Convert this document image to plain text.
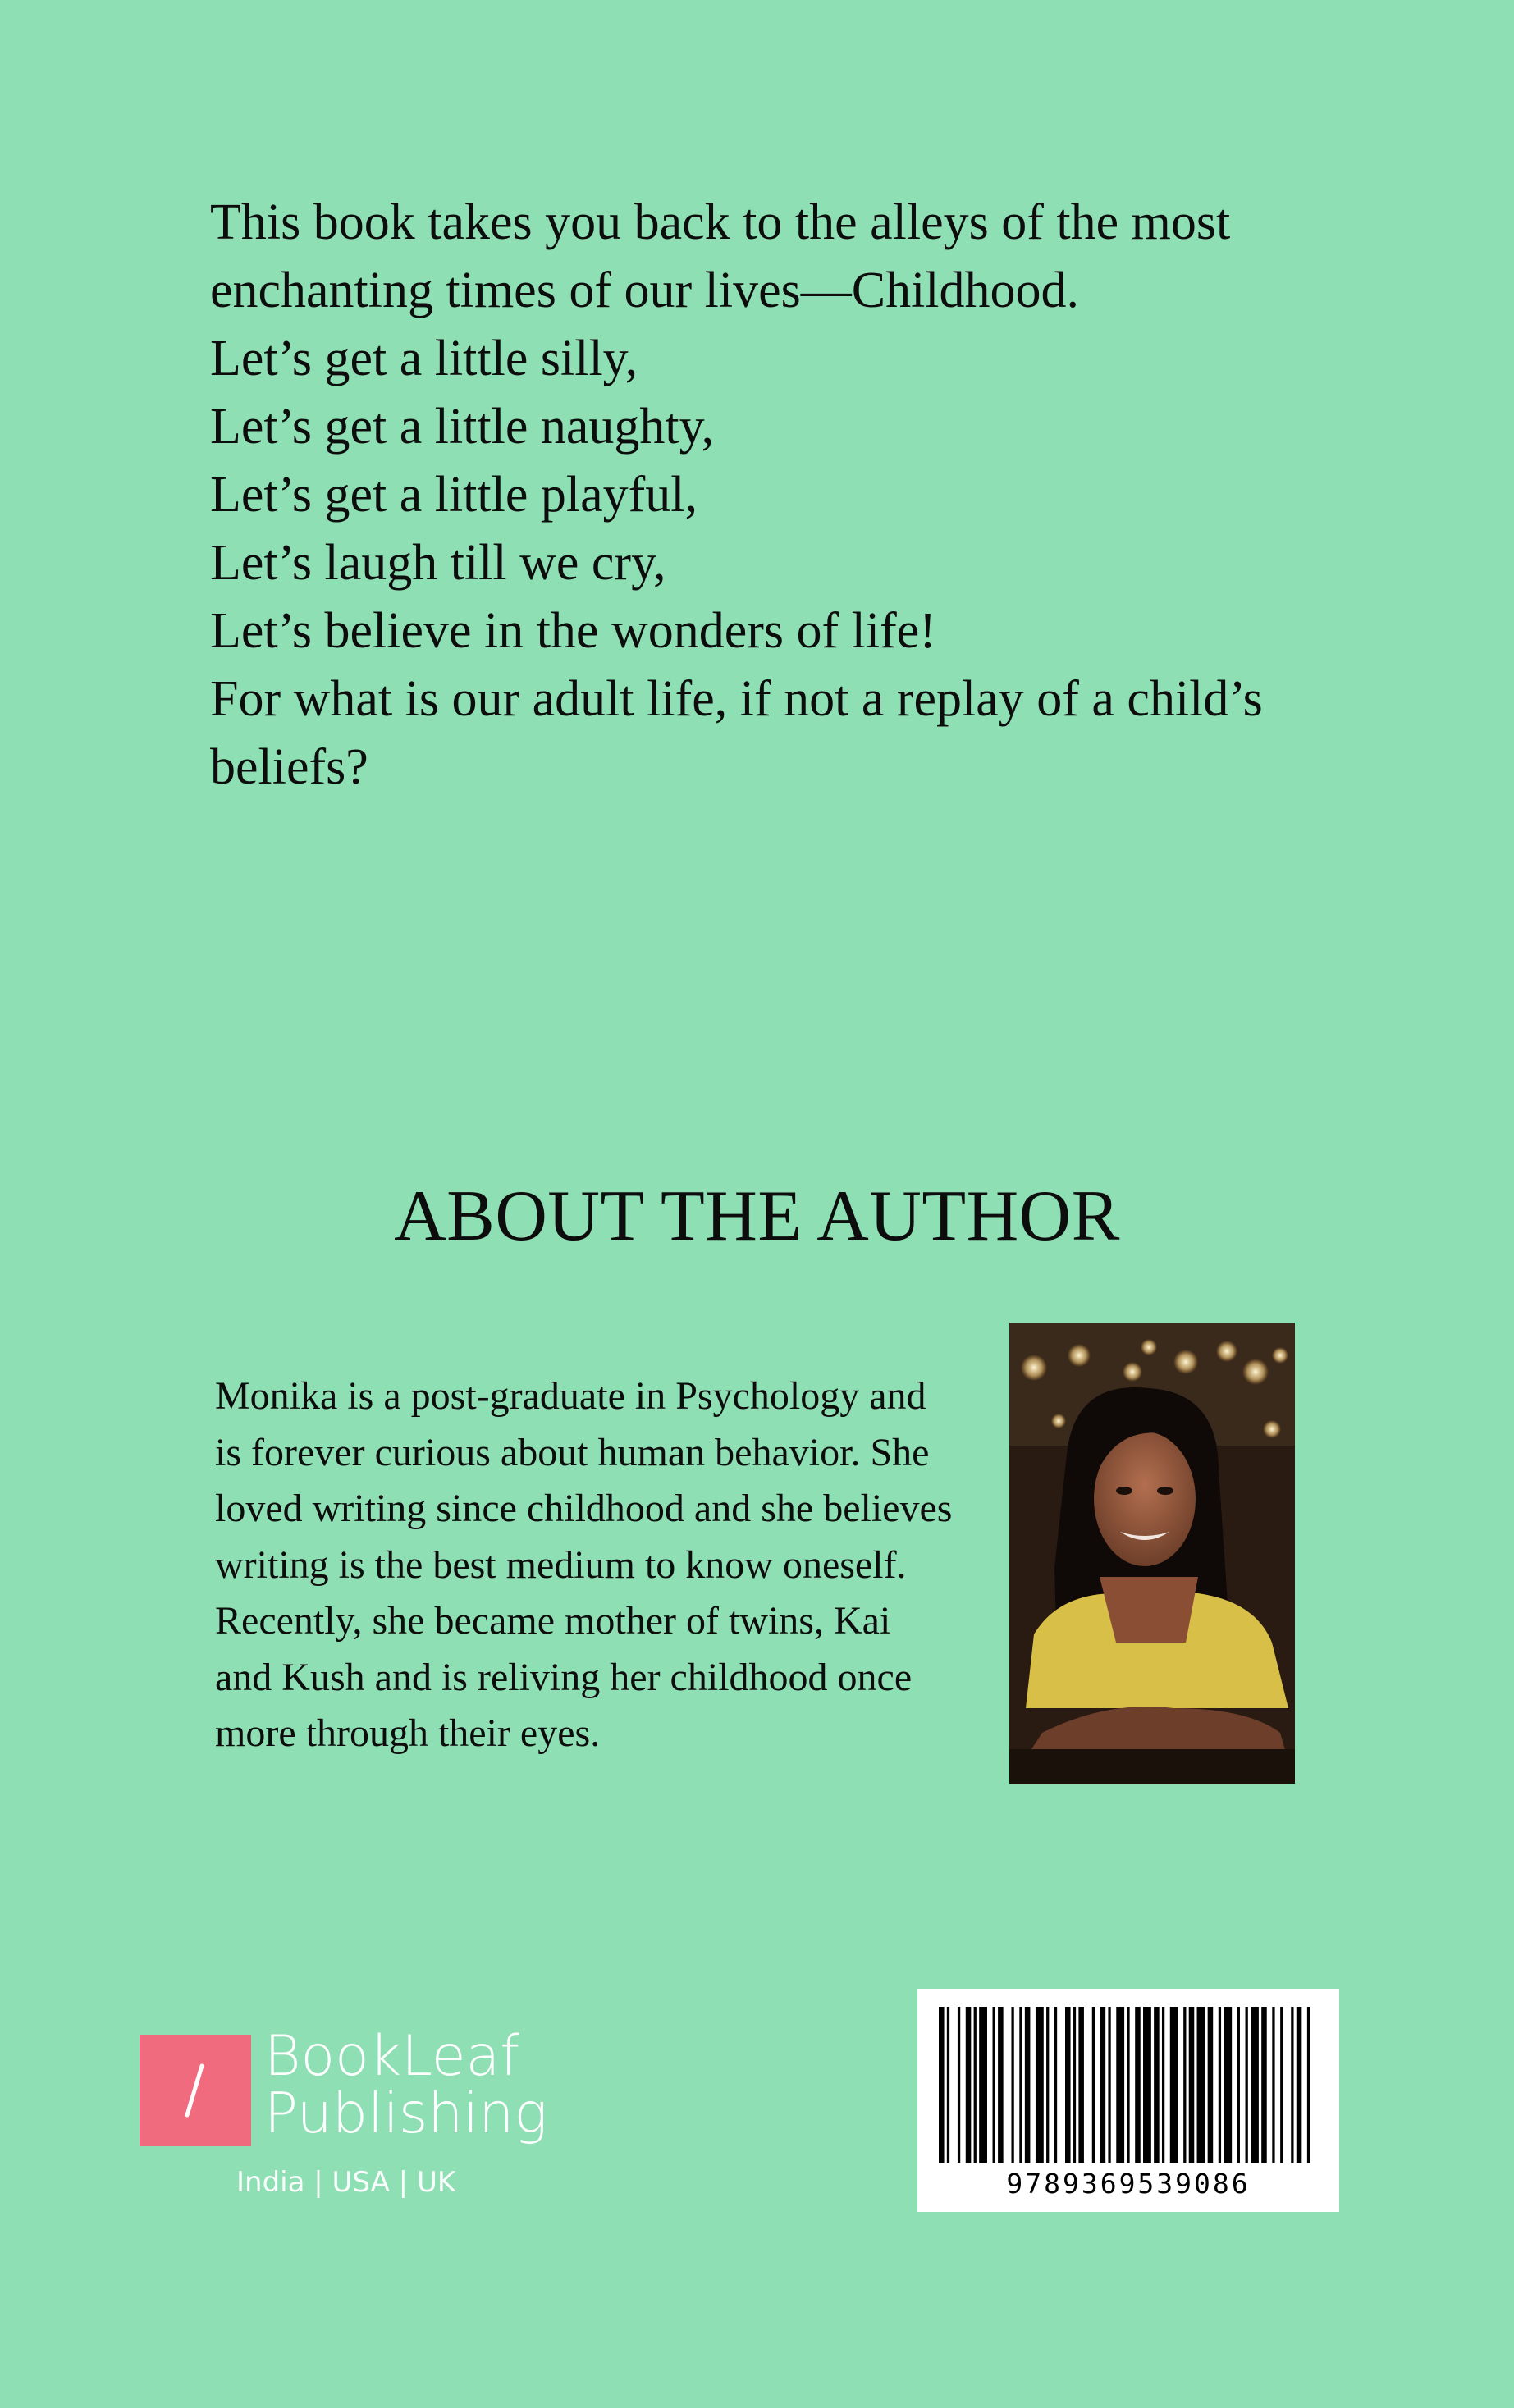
This book takes you back to the alleys of the most enchanting times of our lives—Childhood.

Let’s get a little silly,

Let’s get a little naughty,

Let’s get a little playful,

Let’s laugh till we cry,

Let’s believe in the wonders of life!

For what is our adult life, if not a replay of a child’s beliefs?

ABOUT THE AUTHOR

Monika is a post-graduate in Psychology and is forever curious about human behavior. She loved writing since childhood and she believes writing is the best medium to know oneself. Recently, she became mother of twins, Kai and Kush and is reliving her childhood once more through their eyes.

BookLeaf
Publishing
India | USA | UK	9789369539086
